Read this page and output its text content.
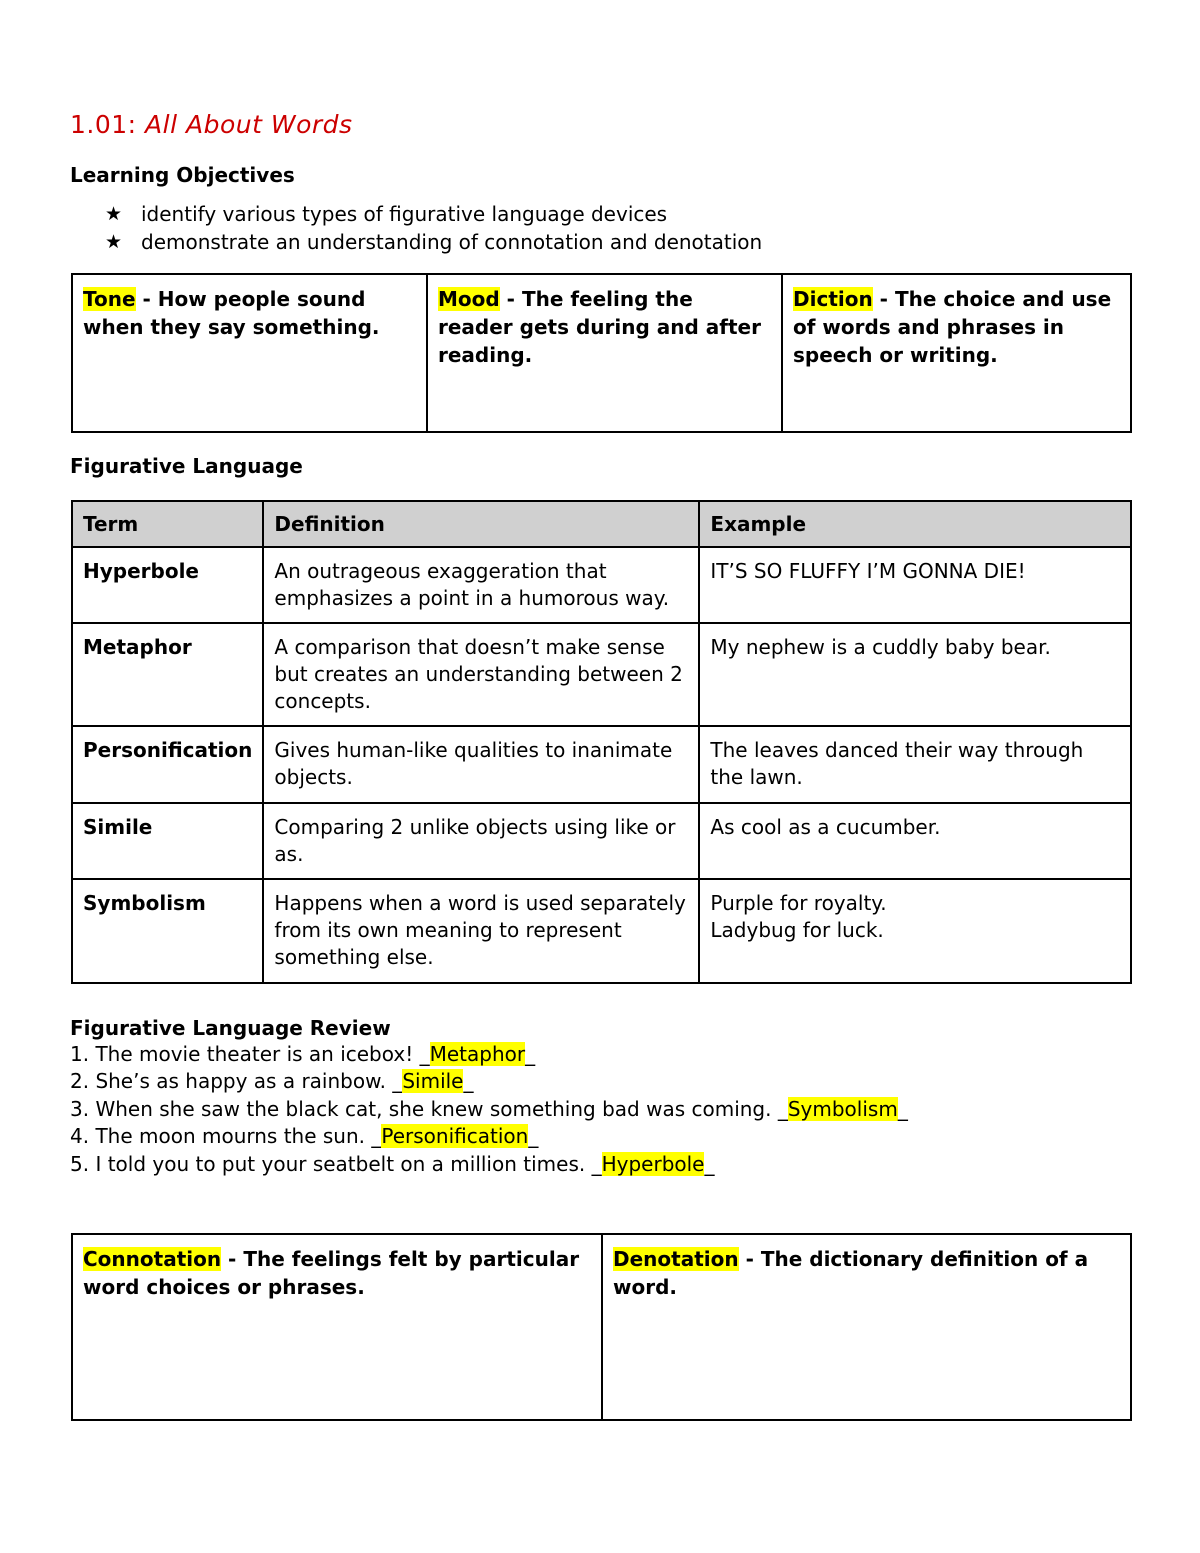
1.01: All About Words
Learning Objectives
★ identify various types of figurative language devices
★ demonstrate an understanding of connotation and denotation
Tone - How people sound when they say something.	Mood - The feeling the reader gets during and after reading.	Diction - The choice and use of words and phrases in speech or writing.
Figurative Language
Term	Definition	Example
Hyperbole	An outrageous exaggeration that emphasizes a point in a humorous way.	IT’S SO FLUFFY I’M GONNA DIE!
Metaphor	A comparison that doesn’t make sense but creates an understanding between 2 concepts.	My nephew is a cuddly baby bear.
Personification	Gives human-like qualities to inanimate objects.	The leaves danced their way through the lawn.
Simile	Comparing 2 unlike objects using like or as.	As cool as a cucumber.
Symbolism	Happens when a word is used separately from its own meaning to represent something else.	Purple for royalty.
Ladybug for luck.
Figurative Language Review
1. The movie theater is an icebox! _ Metaphor _
2. She’s as happy as a rainbow. _ Simile _
3. When she saw the black cat, she knew something bad was coming. _ Symbolism _
4. The moon mourns the sun. _ Personification _
5. I told you to put your seatbelt on a million times. _ Hyperbole _
Connotation - The feelings felt by particular word choices or phrases.	Denotation - The dictionary definition of a word.
